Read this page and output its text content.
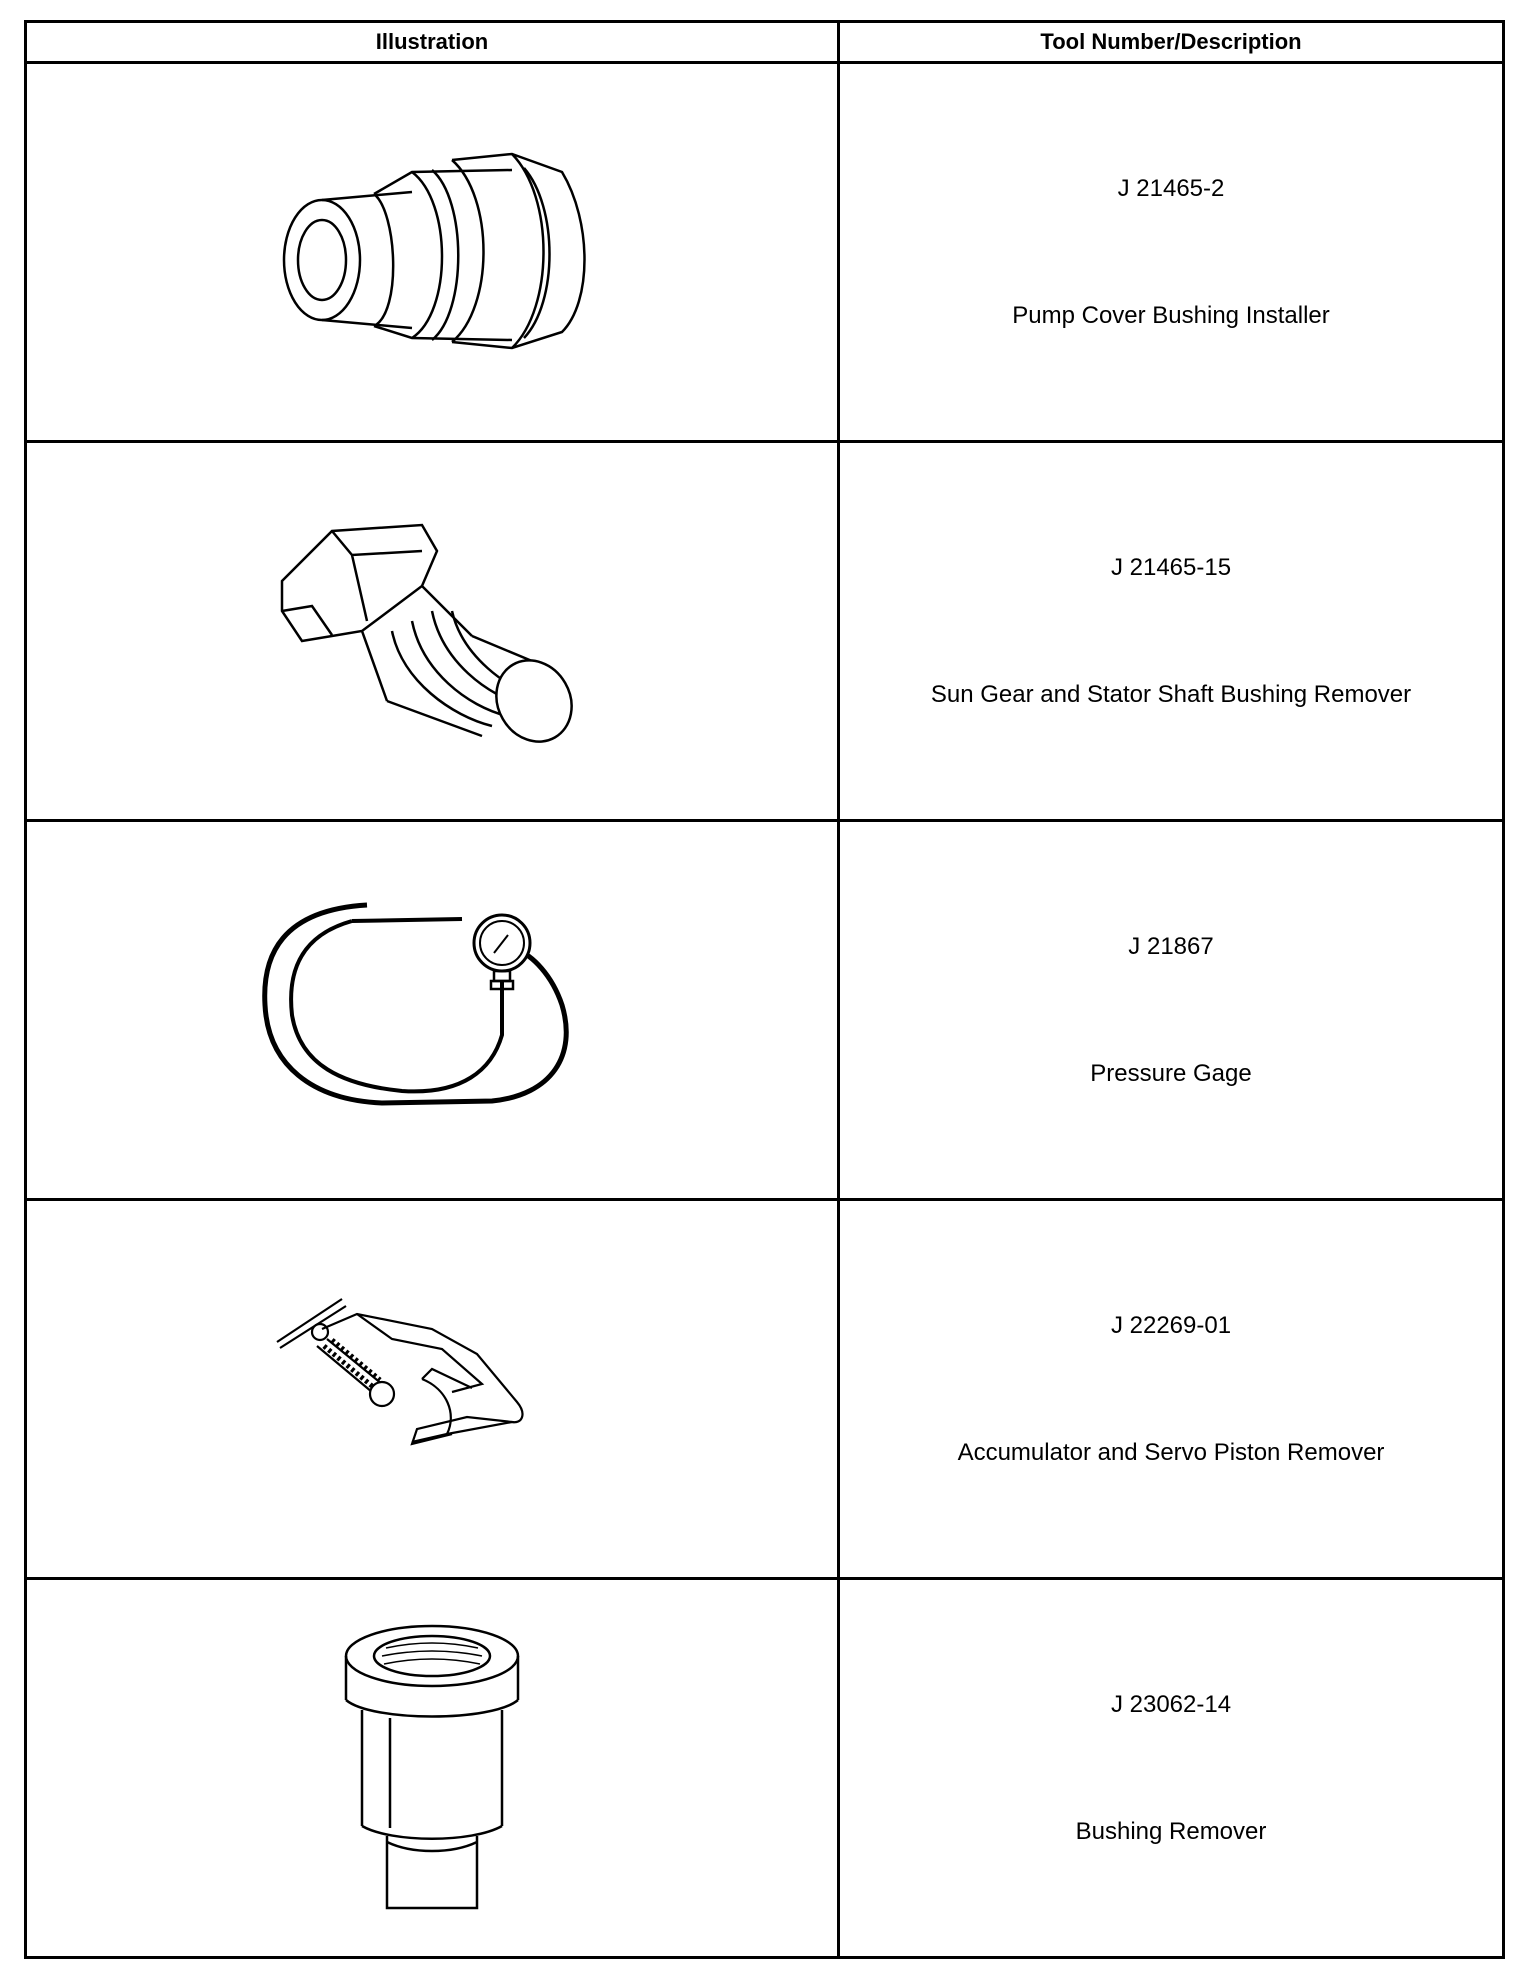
Illustration	Tool Number/Description

J 21465-2
Pump Cover Bushing Installer

J 21465-15
Sun Gear and Stator Shaft Bushing Remover

J 21867
Pressure Gage

J 22269-01
Accumulator and Servo Piston Remover

J 23062-14
Bushing Remover
